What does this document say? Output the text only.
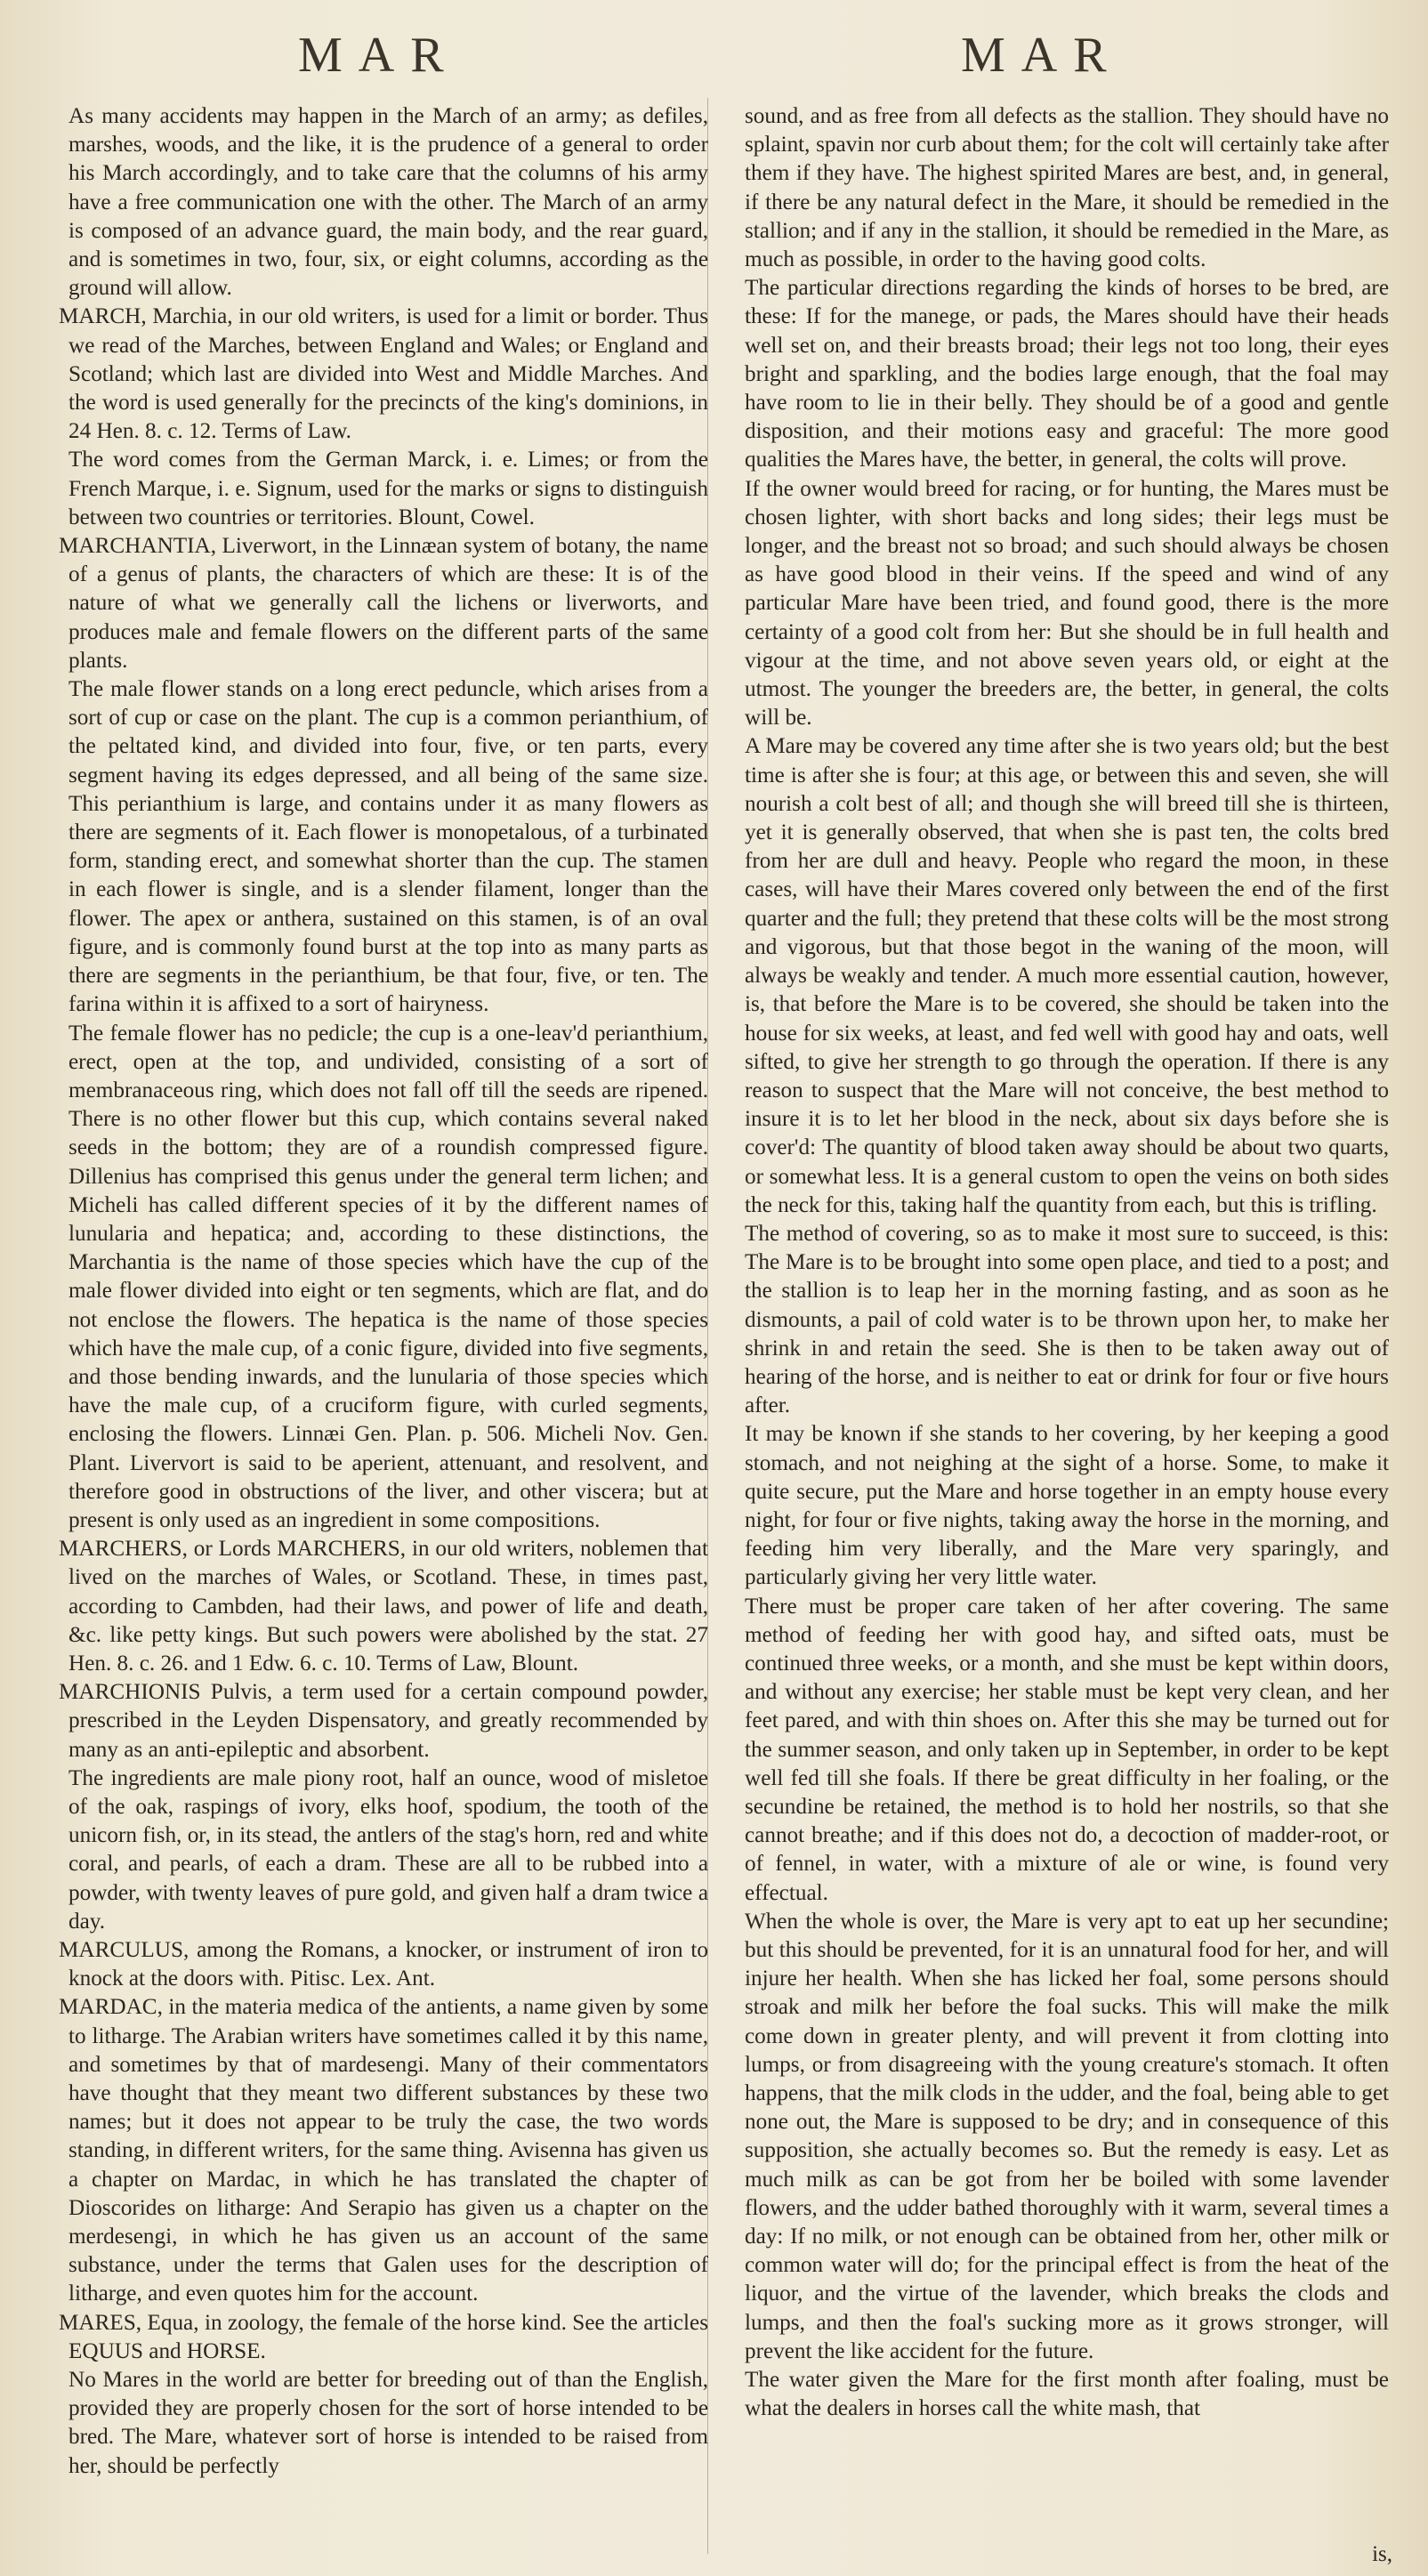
MAR	MAR

As many accidents may happen in the March of an army; as defiles, marshes, woods, and the like, it is the prudence of a general to order his March accordingly, and to take care that the columns of his army have a free communication one with the other. The March of an army is composed of an advance guard, the main body, and the rear guard, and is sometimes in two, four, six, or eight columns, according as the ground will allow.

MARCH, Marchia, in our old writers, is used for a limit or border. Thus we read of the Marches, between England and Wales; or England and Scotland; which last are divided into West and Middle Marches. And the word is used generally for the precincts of the king's dominions, in 24 Hen. 8. c. 12. Terms of Law.

The word comes from the German Marck, i. e. Limes; or from the French Marque, i. e. Signum, used for the marks or signs to distinguish between two countries or territories. Blount, Cowel.

MARCHANTIA, Liverwort, in the Linnæan system of botany, the name of a genus of plants, the characters of which are these: It is of the nature of what we generally call the lichens or liverworts, and produces male and female flowers on the different parts of the same plants.

The male flower stands on a long erect peduncle, which arises from a sort of cup or case on the plant. The cup is a common perianthium, of the peltated kind, and divided into four, five, or ten parts, every segment having its edges depressed, and all being of the same size. This perianthium is large, and contains under it as many flowers as there are segments of it. Each flower is monopetalous, of a turbinated form, standing erect, and somewhat shorter than the cup. The stamen in each flower is single, and is a slender filament, longer than the flower. The apex or anthera, sustained on this stamen, is of an oval figure, and is commonly found burst at the top into as many parts as there are segments in the perianthium, be that four, five, or ten. The farina within it is affixed to a sort of hairyness.

The female flower has no pedicle; the cup is a one-leav'd perianthium, erect, open at the top, and undivided, consisting of a sort of membranaceous ring, which does not fall off till the seeds are ripened. There is no other flower but this cup, which contains several naked seeds in the bottom; they are of a roundish compressed figure. Dillenius has comprised this genus under the general term lichen; and Micheli has called different species of it by the different names of lunularia and hepatica; and, according to these distinctions, the Marchantia is the name of those species which have the cup of the male flower divided into eight or ten segments, which are flat, and do not enclose the flowers. The hepatica is the name of those species which have the male cup, of a conic figure, divided into five segments, and those bending inwards, and the lunularia of those species which have the male cup, of a cruciform figure, with curled segments, enclosing the flowers. Linnæi Gen. Plan. p. 506. Micheli Nov. Gen. Plant. Livervort is said to be aperient, attenuant, and resolvent, and therefore good in obstructions of the liver, and other viscera; but at present is only used as an ingredient in some compositions.

MARCHERS, or Lords MARCHERS, in our old writers, noblemen that lived on the marches of Wales, or Scotland. These, in times past, according to Cambden, had their laws, and power of life and death, &c. like petty kings. But such powers were abolished by the stat. 27 Hen. 8. c. 26. and 1 Edw. 6. c. 10. Terms of Law, Blount.

MARCHIONIS Pulvis, a term used for a certain compound powder, prescribed in the Leyden Dispensatory, and greatly recommended by many as an anti-epileptic and absorbent.

The ingredients are male piony root, half an ounce, wood of misletoe of the oak, raspings of ivory, elks hoof, spodium, the tooth of the unicorn fish, or, in its stead, the antlers of the stag's horn, red and white coral, and pearls, of each a dram. These are all to be rubbed into a powder, with twenty leaves of pure gold, and given half a dram twice a day.

MARCULUS, among the Romans, a knocker, or instrument of iron to knock at the doors with. Pitisc. Lex. Ant.

MARDAC, in the materia medica of the antients, a name given by some to litharge. The Arabian writers have sometimes called it by this name, and sometimes by that of mardesengi. Many of their commentators have thought that they meant two different substances by these two names; but it does not appear to be truly the case, the two words standing, in different writers, for the same thing. Avisenna has given us a chapter on Mardac, in which he has translated the chapter of Dioscorides on litharge: And Serapio has given us a chapter on the merdesengi, in which he has given us an account of the same substance, under the terms that Galen uses for the description of litharge, and even quotes him for the account.

MARES, Equa, in zoology, the female of the horse kind. See the articles EQUUS and HORSE.

No Mares in the world are better for breeding out of than the English, provided they are properly chosen for the sort of horse intended to be bred. The Mare, whatever sort of horse is intended to be raised from her, should be perfectly

sound, and as free from all defects as the stallion. They should have no splaint, spavin nor curb about them; for the colt will certainly take after them if they have. The highest spirited Mares are best, and, in general, if there be any natural defect in the Mare, it should be remedied in the stallion; and if any in the stallion, it should be remedied in the Mare, as much as possible, in order to the having good colts.

The particular directions regarding the kinds of horses to be bred, are these: If for the manege, or pads, the Mares should have their heads well set on, and their breasts broad; their legs not too long, their eyes bright and sparkling, and the bodies large enough, that the foal may have room to lie in their belly. They should be of a good and gentle disposition, and their motions easy and graceful: The more good qualities the Mares have, the better, in general, the colts will prove.

If the owner would breed for racing, or for hunting, the Mares must be chosen lighter, with short backs and long sides; their legs must be longer, and the breast not so broad; and such should always be chosen as have good blood in their veins. If the speed and wind of any particular Mare have been tried, and found good, there is the more certainty of a good colt from her: But she should be in full health and vigour at the time, and not above seven years old, or eight at the utmost. The younger the breeders are, the better, in general, the colts will be.

A Mare may be covered any time after she is two years old; but the best time is after she is four; at this age, or between this and seven, she will nourish a colt best of all; and though she will breed till she is thirteen, yet it is generally observed, that when she is past ten, the colts bred from her are dull and heavy. People who regard the moon, in these cases, will have their Mares covered only between the end of the first quarter and the full; they pretend that these colts will be the most strong and vigorous, but that those begot in the waning of the moon, will always be weakly and tender. A much more essential caution, however, is, that before the Mare is to be covered, she should be taken into the house for six weeks, at least, and fed well with good hay and oats, well sifted, to give her strength to go through the operation. If there is any reason to suspect that the Mare will not conceive, the best method to insure it is to let her blood in the neck, about six days before she is cover'd: The quantity of blood taken away should be about two quarts, or somewhat less. It is a general custom to open the veins on both sides the neck for this, taking half the quantity from each, but this is trifling.

The method of covering, so as to make it most sure to succeed, is this: The Mare is to be brought into some open place, and tied to a post; and the stallion is to leap her in the morning fasting, and as soon as he dismounts, a pail of cold water is to be thrown upon her, to make her shrink in and retain the seed. She is then to be taken away out of hearing of the horse, and is neither to eat or drink for four or five hours after.

It may be known if she stands to her covering, by her keeping a good stomach, and not neighing at the sight of a horse. Some, to make it quite secure, put the Mare and horse together in an empty house every night, for four or five nights, taking away the horse in the morning, and feeding him very liberally, and the Mare very sparingly, and particularly giving her very little water.

There must be proper care taken of her after covering. The same method of feeding her with good hay, and sifted oats, must be continued three weeks, or a month, and she must be kept within doors, and without any exercise; her stable must be kept very clean, and her feet pared, and with thin shoes on. After this she may be turned out for the summer season, and only taken up in September, in order to be kept well fed till she foals. If there be great difficulty in her foaling, or the secundine be retained, the method is to hold her nostrils, so that she cannot breathe; and if this does not do, a decoction of madder-root, or of fennel, in water, with a mixture of ale or wine, is found very effectual.

When the whole is over, the Mare is very apt to eat up her secundine; but this should be prevented, for it is an unnatural food for her, and will injure her health. When she has licked her foal, some persons should stroak and milk her before the foal sucks. This will make the milk come down in greater plenty, and will prevent it from clotting into lumps, or from disagreeing with the young creature's stomach. It often happens, that the milk clods in the udder, and the foal, being able to get none out, the Mare is supposed to be dry; and in consequence of this supposition, she actually becomes so. But the remedy is easy. Let as much milk as can be got from her be boiled with some lavender flowers, and the udder bathed thoroughly with it warm, several times a day: If no milk, or not enough can be obtained from her, other milk or common water will do; for the principal effect is from the heat of the liquor, and the virtue of the lavender, which breaks the clods and lumps, and then the foal's sucking more as it grows stronger, will prevent the like accident for the future.

The water given the Mare for the first month after foaling, must be what the dealers in horses call the white mash, that

is,
